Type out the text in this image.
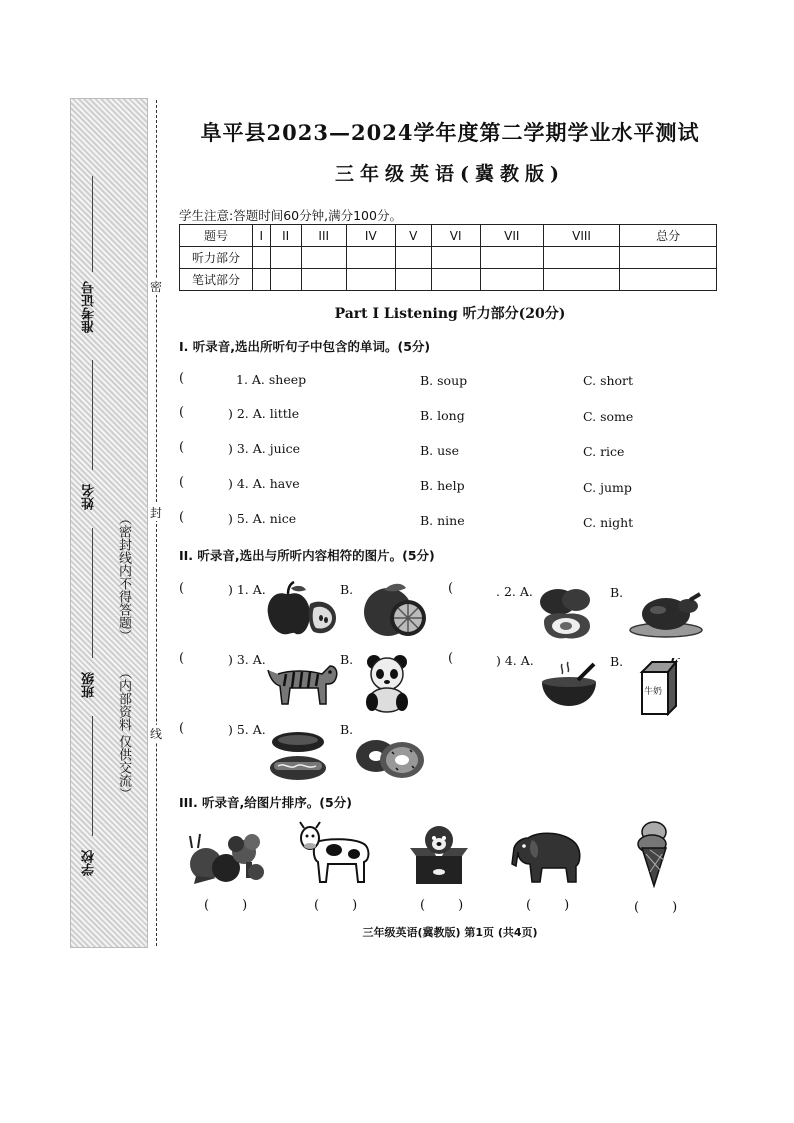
准考证号
姓名
班级
学校
（密封线内不得答题）
（内部资料 仅供交流）
密
封
线
阜平县2023—2024学年度第二学期学业水平测试
三年级英语(冀教版)
学生注意:答题时间60分钟,满分100分。
题号	I	II	III	IV	V	VI	VII	VIII	总分
听力部分									
笔试部分									
Part I Listening 听力部分(20分)
I. 听录音,选出所听句子中包含的单词。(5分)
(	1. A. sheep	B. soup	C. short
(	) 2. A. little	B. long	C. some
(	) 3. A. juice	B. use	C. rice
(	) 4. A. have	B. help	C. jump
(	) 5. A. nice	B. nine	C. night
II. 听录音,选出与所听内容相符的图片。(5分)
(	) 1. A.	B.	(	. 2. A.	B.
(	) 3. A.	B.	(	) 4. A.	B.
牛奶
(	) 5. A.	B.
III. 听录音,给图片排序。(5分)
(        )	(        )	(        )	(        )	(        )
三年级英语(冀教版) 第1页 (共4页)
